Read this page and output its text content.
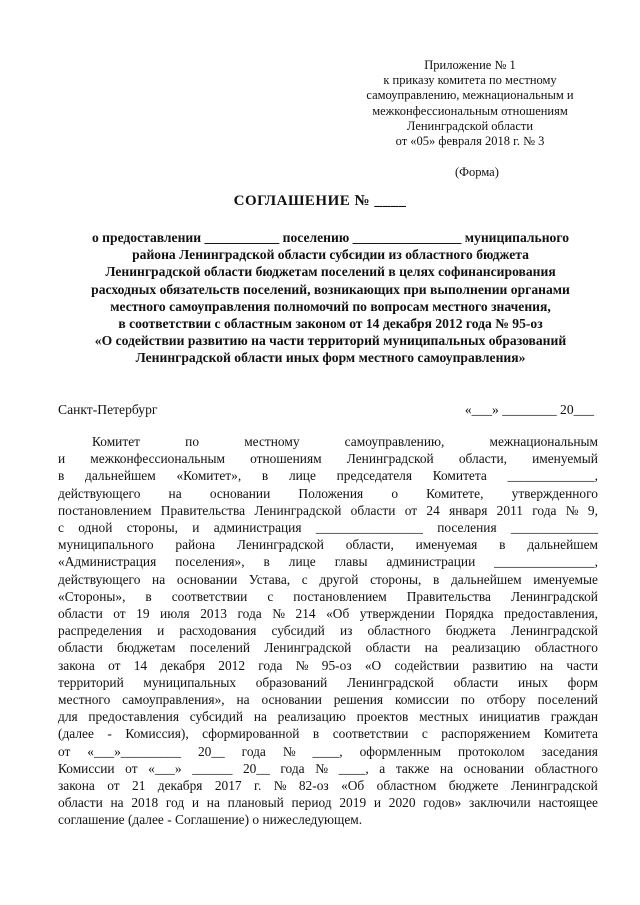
Приложение № 1
к приказу комитета по местному
самоуправлению, межнациональным и
межконфессиональным отношениям
Ленинградской области
от «05» февраля 2018 г. № 3
(Форма)
СОГЛАШЕНИЕ № ____
о предоставлении ___________ поселению ________________ муниципального
района Ленинградской области субсидии из областного бюджета
Ленинградской области бюджетам поселений в целях софинансирования
расходных обязательств поселений, возникающих при выполнении органами
местного самоуправления полномочий по вопросам местного значения,
в соответствии с областным законом от 14 декабря 2012 года № 95-оз
«О содействии развитию на части территорий муниципальных образований
Ленинградской области иных форм местного самоуправления»
Санкт-Петербург	«___» ________ 20___
Комитет	по	местному	самоуправлению,	межнациональным
и межконфессиональным отношениям Ленинградской области, именуемый
в дальнейшем «Комитет», в лице председателя Комитета _____________,
действующего на основании Положения о Комитете, утвержденного
постановлением Правительства Ленинградской области от 24 января 2011 года № 9,
с одной стороны, и администрация ________________ поселения _____________
муниципального района Ленинградской области, именуемая в дальнейшем
«Администрация поселения», в лице главы администрации _______________,
действующего на основании Устава, с другой стороны, в дальнейшем именуемые
«Стороны», в соответствии с постановлением Правительства Ленинградской
области от 19 июля 2013 года № 214 «Об утверждении Порядка предоставления,
распределения и расходования субсидий из областного бюджета Ленинградской
области бюджетам поселений Ленинградской области на реализацию областного
закона от 14 декабря 2012 года № 95-оз «О содействии развитию на части
территорий муниципальных образований Ленинградской области иных форм
местного самоуправления», на основании решения комиссии по отбору поселений
для предоставления субсидий на реализацию проектов местных инициатив граждан
(далее - Комиссия), сформированной в соответствии с распоряжением Комитета
от «___»_________ 20__ года № ____, оформленным протоколом заседания
Комиссии от «___» ______ 20__ года № ____, а также на основании областного
закона от 21 декабря 2017 г. № 82-оз «Об областном бюджете Ленинградской
области на 2018 год и на плановый период 2019 и 2020 годов» заключили настоящее
соглашение (далее - Соглашение) о нижеследующем.
